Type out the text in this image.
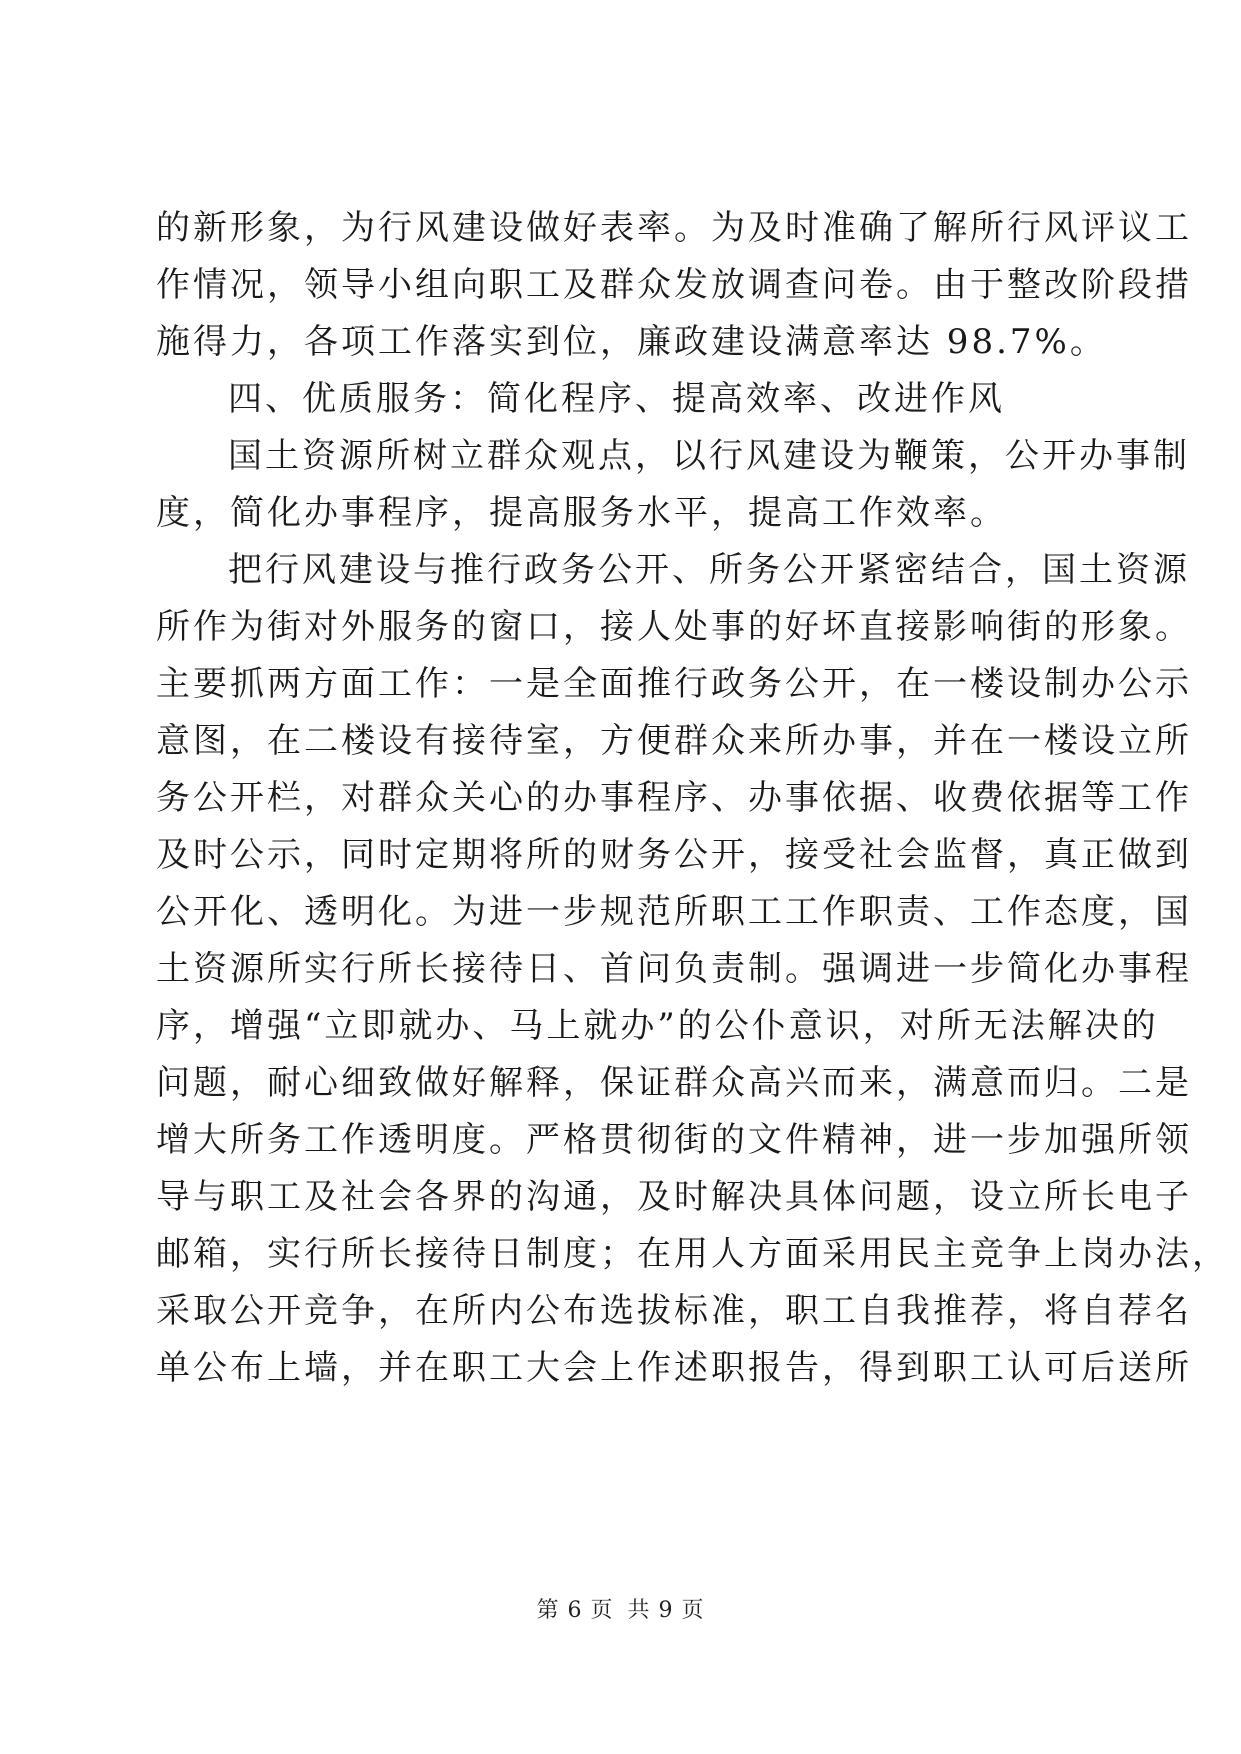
的新形象，为行风建设做好表率。为及时准确了解所行风评议工
作情况，领导小组向职工及群众发放调查问卷。由于整改阶段措
施得力，各项工作落实到位，廉政建设满意率达 98.7%。
四、优质服务：简化程序、提高效率、改进作风
国土资源所树立群众观点，以行风建设为鞭策，公开办事制
度，简化办事程序，提高服务水平，提高工作效率。
把行风建设与推行政务公开、所务公开紧密结合，国土资源
所作为街对外服务的窗口，接人处事的好坏直接影响街的形象。
主要抓两方面工作：一是全面推行政务公开，在一楼设制办公示
意图，在二楼设有接待室，方便群众来所办事，并在一楼设立所
务公开栏，对群众关心的办事程序、办事依据、收费依据等工作
及时公示，同时定期将所的财务公开，接受社会监督，真正做到
公开化、透明化。为进一步规范所职工工作职责、工作态度，国
土资源所实行所长接待日、首问负责制。强调进一步简化办事程
序，增强“立即就办、马上就办”的公仆意识，对所无法解决的
问题，耐心细致做好解释，保证群众高兴而来，满意而归。二是
增大所务工作透明度。严格贯彻街的文件精神，进一步加强所领
导与职工及社会各界的沟通，及时解决具体问题，设立所长电子
邮箱，实行所长接待日制度；在用人方面采用民主竞争上岗办法，
采取公开竞争，在所内公布选拔标准，职工自我推荐，将自荐名
单公布上墙，并在职工大会上作述职报告，得到职工认可后送所
第 6 页 共 9 页
